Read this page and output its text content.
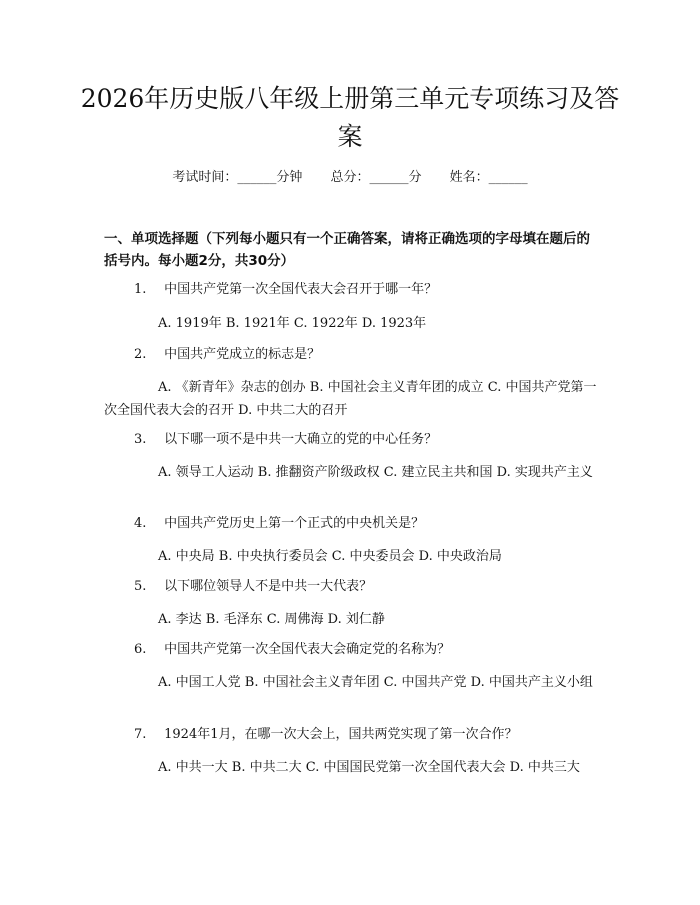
2026年历史版八年级上册第三单元专项练习及答案
考试时间：______分钟 总分：______分 姓名：______
一、单项选择题（下列每小题只有一个正确答案，请将正确选项的字母填在题后的括号内。每小题2分，共30分）
1. 中国共产党第一次全国代表大会召开于哪一年？
A. 1919年 B. 1921年 C. 1922年 D. 1923年
2. 中国共产党成立的标志是？
A. 《新青年》杂志的创办 B. 中国社会主义青年团的成立 C. 中国共产党第一次全国代表大会的召开 D. 中共二大的召开
3. 以下哪一项不是中共一大确立的党的中心任务？
A. 领导工人运动 B. 推翻资产阶级政权 C. 建立民主共和国 D. 实现共产主义
4. 中国共产党历史上第一个正式的中央机关是？
A. 中央局 B. 中央执行委员会 C. 中央委员会 D. 中央政治局
5. 以下哪位领导人不是中共一大代表？
A. 李达 B. 毛泽东 C. 周佛海 D. 刘仁静
6. 中国共产党第一次全国代表大会确定党的名称为？
A. 中国工人党 B. 中国社会主义青年团 C. 中国共产党 D. 中国共产主义小组
7. 1924年1月，在哪一次大会上，国共两党实现了第一次合作？
A. 中共一大 B. 中共二大 C. 中国国民党第一次全国代表大会 D. 中共三大
